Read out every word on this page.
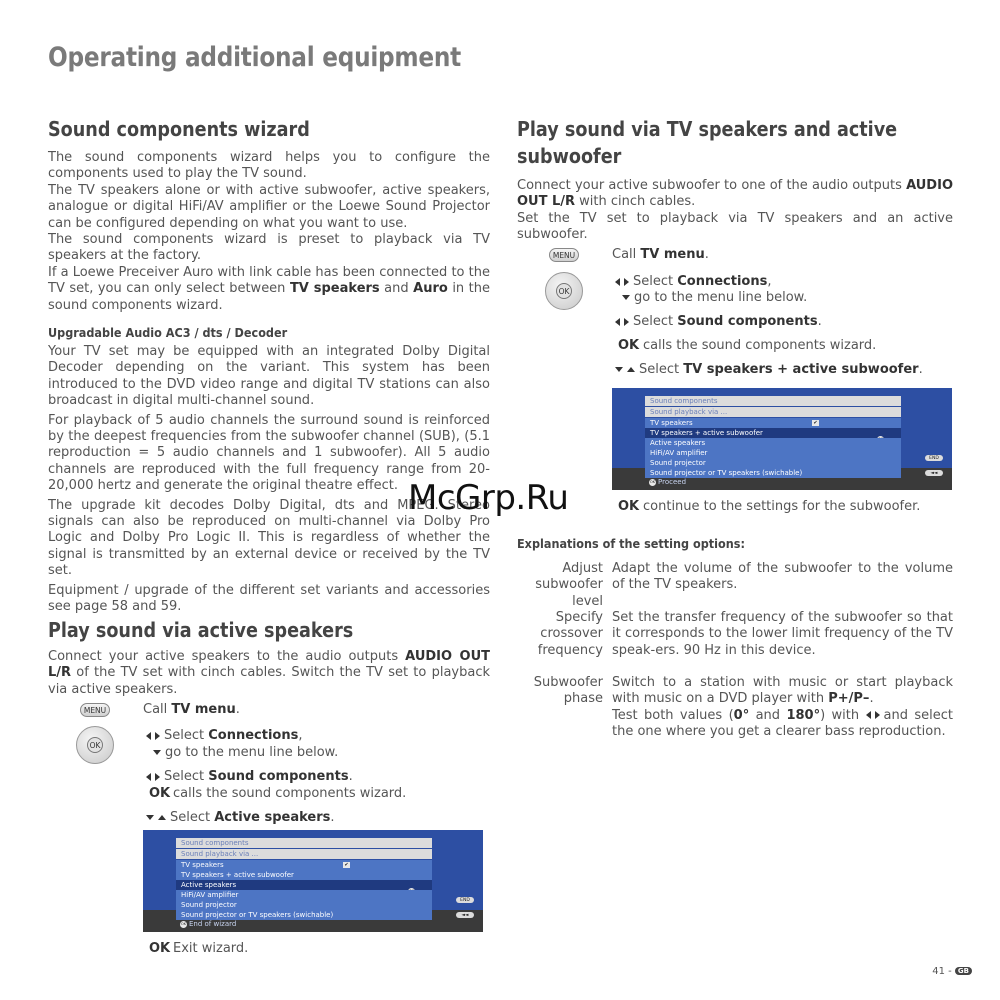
Operating additional equipment
Sound components wizard
The sound components wizard helps you to configure the components used to play the TV sound.
The TV speakers alone or with active subwoofer, active speakers, analogue or digital HiFi/AV amplifier or the Loewe Sound Projector can be configured depending on what you want to use.
The sound components wizard is preset to playback via TV speakers at the factory.
If a Loewe Preceiver Auro with link cable has been connected to the TV set, you can only select between TV speakers and Auro in the sound components wizard.
Upgradable Audio AC3 / dts / Decoder
Your TV set may be equipped with an integrated Dolby Digital Decoder depending on the variant. This system has been introduced to the DVD video range and digital TV stations can also broadcast in digital multi-channel sound.
For playback of 5 audio channels the surround sound is reinforced by the deepest frequencies from the subwoofer channel (SUB), (5.1 reproduction = 5 audio channels and 1 subwoofer). All 5 audio channels are reproduced with the full frequency range from 20- 20,000 hertz and generate the original theatre effect.
The upgrade kit decodes Dolby Digital, dts and MPEG. Stereo signals can also be reproduced on multi-channel via Dolby Pro Logic and Dolby Pro Logic II. This is regardless of whether the signal is transmitted by an external device or received by the TV set.
Equipment / upgrade of the different set variants and accessories see page 58 and 59.
Play sound via active speakers
Connect your active speakers to the audio outputs AUDIO OUT L/R of the TV set with cinch cables. Switch the TV set to playback via active speakers.
MENU
OK
Call TV menu.
Select Connections,
go to the menu line below.
Select Sound components.
OK calls the sound components wizard.
Select Active speakers.
Sound components
Sound playback via ...
TV speakers	✔
TV speakers + active subwoofer
Active speakers
HiFi/AV amplifier
Sound projector
Sound projector or TV speakers (swichable)
OK End of wizard
END
◄◄
OK Exit wizard.
Play sound via TV speakers and active
subwoofer
Connect your active subwoofer to one of the audio outputs AUDIO OUT L/R with cinch cables.
Set the TV set to playback via TV speakers and an active subwoofer.
MENU
OK
Call TV menu.
Select Connections,
go to the menu line below.
Select Sound components.
OK calls the sound components wizard.
Select TV speakers + active subwoofer.
Sound components
Sound playback via ...
TV speakers	✔
TV speakers + active subwoofer
Active speakers
HiFi/AV amplifier
Sound projector
Sound projector or TV speakers (swichable)
OK Proceed
END
◄◄
OK continue to the settings for the subwoofer.
Explanations of the setting options:
Adjust
subwoofer level
Adapt the volume of the subwoofer to the volume of the TV speakers.
Specify
crossover
frequency
Set the transfer frequency of the subwoofer so that it corresponds to the lower limit frequency of the TV speak-ers. 90 Hz in this device.
Subwoofer
phase
Switch to a station with music or start playback with music on a DVD player with P+/P–.
Test both values (0° and 180°) with and select the one where you get a clearer bass reproduction.
McGrp.Ru
41 - GB
